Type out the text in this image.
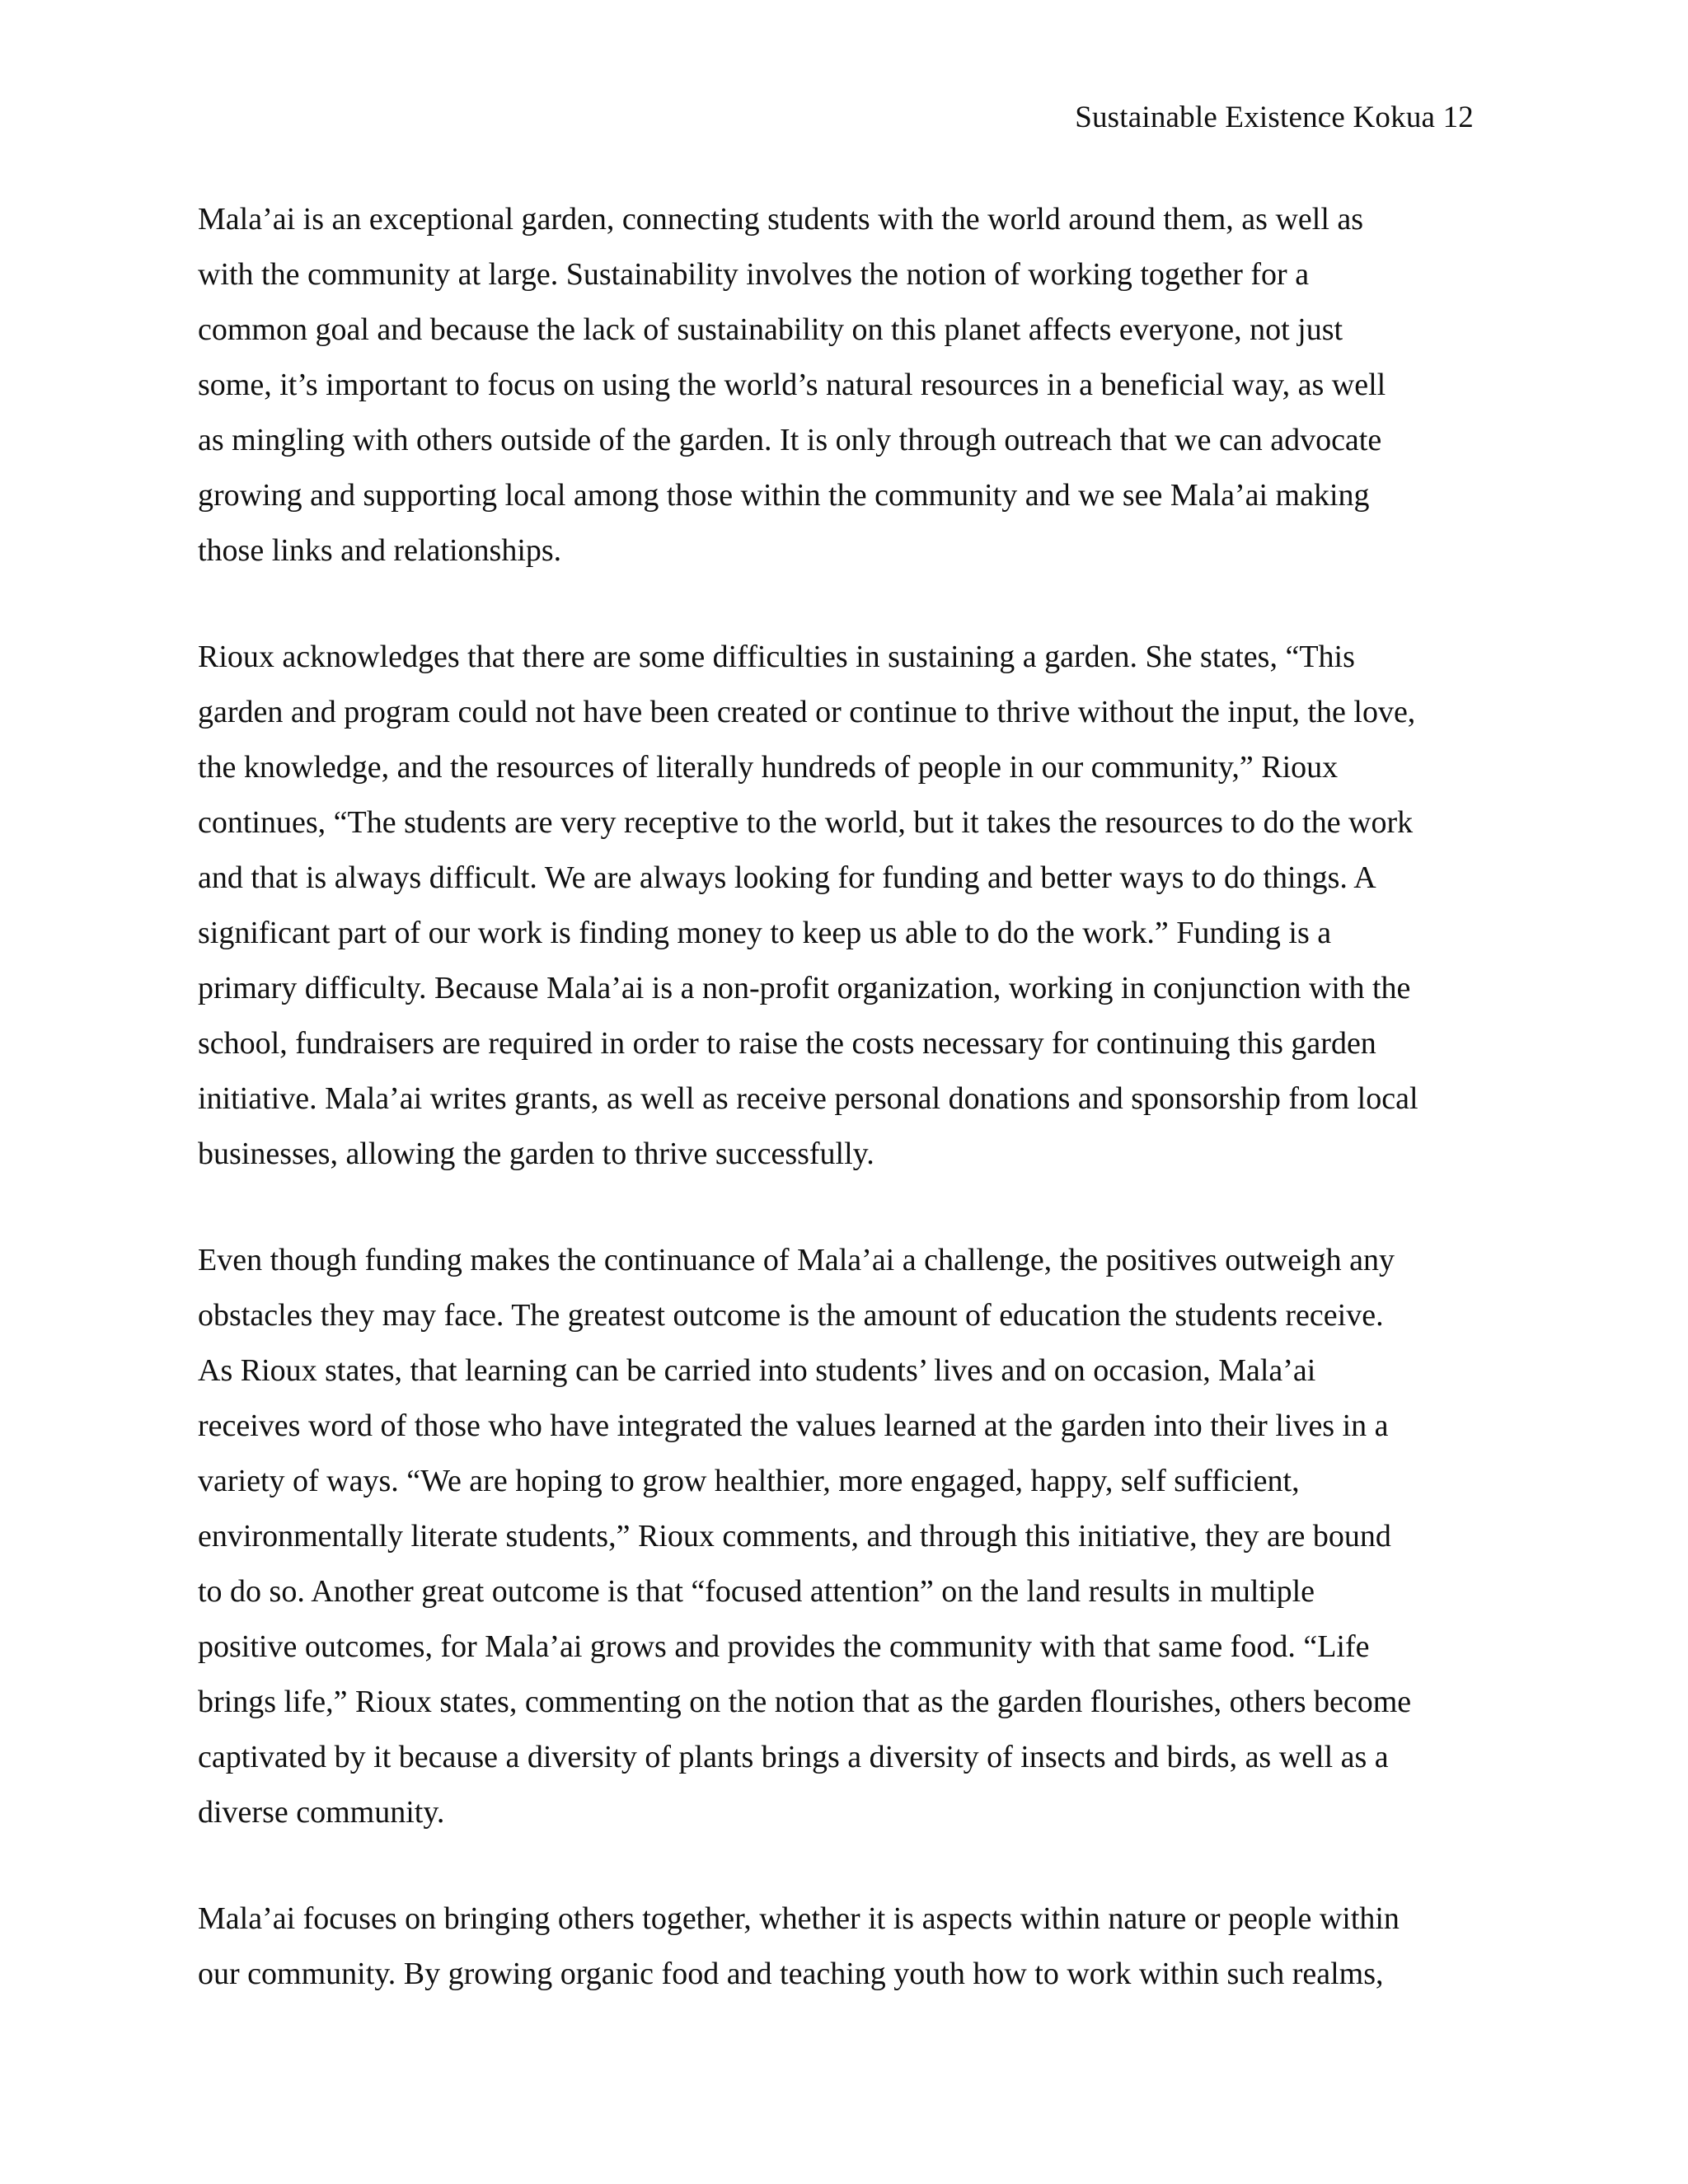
Sustainable Existence Kokua 12

Mala’ai is an exceptional garden, connecting students with the world around them, as well as
with the community at large. Sustainability involves the notion of working together for a
common goal and because the lack of sustainability on this planet affects everyone, not just
some, it’s important to focus on using the world’s natural resources in a beneficial way, as well
as mingling with others outside of the garden. It is only through outreach that we can advocate
growing and supporting local among those within the community and we see Mala’ai making
those links and relationships.

Rioux acknowledges that there are some difficulties in sustaining a garden. She states, “This
garden and program could not have been created or continue to thrive without the input, the love,
the knowledge, and the resources of literally hundreds of people in our community,” Rioux
continues, “The students are very receptive to the world, but it takes the resources to do the work
and that is always difficult. We are always looking for funding and better ways to do things. A
significant part of our work is finding money to keep us able to do the work.” Funding is a
primary difficulty. Because Mala’ai is a non-profit organization, working in conjunction with the
school, fundraisers are required in order to raise the costs necessary for continuing this garden
initiative. Mala’ai writes grants, as well as receive personal donations and sponsorship from local
businesses, allowing the garden to thrive successfully.

Even though funding makes the continuance of Mala’ai a challenge, the positives outweigh any
obstacles they may face. The greatest outcome is the amount of education the students receive.
As Rioux states, that learning can be carried into students’ lives and on occasion, Mala’ai
receives word of those who have integrated the values learned at the garden into their lives in a
variety of ways. “We are hoping to grow healthier, more engaged, happy, self sufficient,
environmentally literate students,” Rioux comments, and through this initiative, they are bound
to do so. Another great outcome is that “focused attention” on the land results in multiple
positive outcomes, for Mala’ai grows and provides the community with that same food. “Life
brings life,” Rioux states, commenting on the notion that as the garden flourishes, others become
captivated by it because a diversity of plants brings a diversity of insects and birds, as well as a
diverse community.

Mala’ai focuses on bringing others together, whether it is aspects within nature or people within
our community. By growing organic food and teaching youth how to work within such realms,
